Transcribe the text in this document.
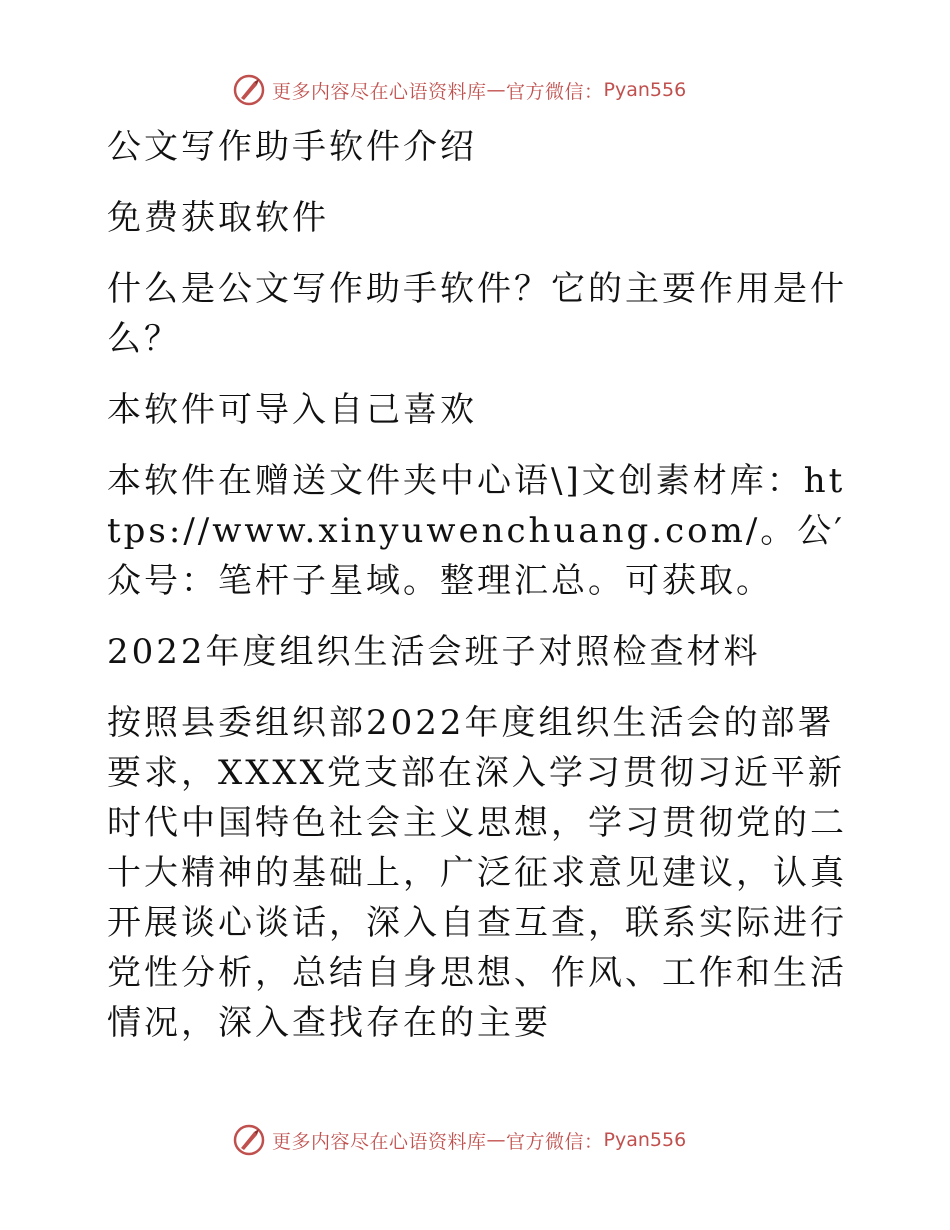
更多内容尽在心语资料库 — 官方微信： Pyan556

公文写作助手软件介绍

免费获取软件

什么是公文写作助手软件？它的主要作用是什么？

本软件可导入自己喜欢

本软件在赠送文件夹中心语\]文创素材库：https://www.xinyuwenchuang.com/。公′众号：笔杆子星域。整理汇总。可获取。

2022年度组织生活会班子对照检查材料

按照县委组织部2022年度组织生活会的部署要求，XXXX党支部在深入学习贯彻习近平新时代中国特色社会主义思想，学习贯彻党的二十大精神的基础上，广泛征求意见建议，认真开展谈心谈话，深入自查互查，联系实际进行党性分析，总结自身思想、作风、工作和生活情况，深入查找存在的主要

更多内容尽在心语资料库 — 官方微信： Pyan556
